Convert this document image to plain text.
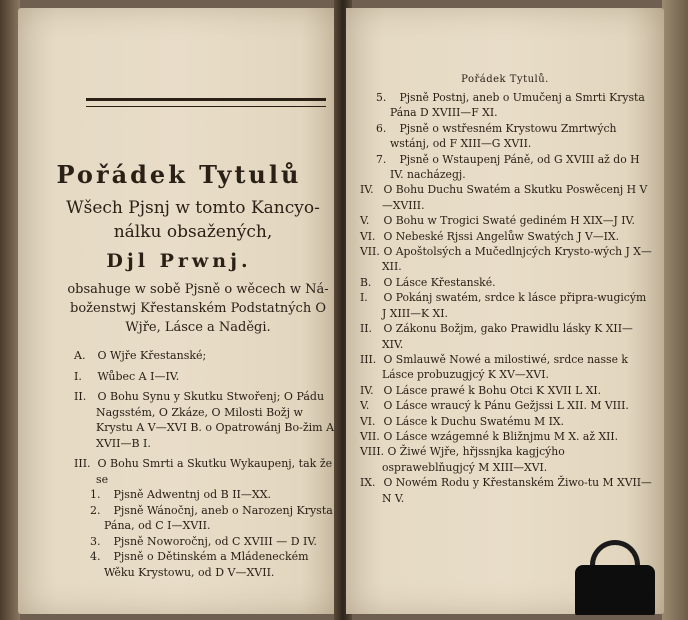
Pořádek Tytulů
Wšech Pjsnj w tomto Kancyo-nálku obsažených,
Djl Prwnj.
obsahuge w sobě Pjsně o wěcech w Ná-boženstwj Křestanském Podstatných O Wjře, Lásce a Naděgi.
A. O Wjře Křestanské;
I. Wůbec A I—IV.
II. O Bohu Synu y Skutku Stwořenj; O Pádu Nagsstém, O Zkáze, O Milosti Božj w Krystu A V—XVI B. o Opatrowánj Bo-žim A XVII—B I.
III. O Bohu Smrti a Skutku Wykaupenj, tak že se
1. Pjsně Adwentnj od B II—XX.
2. Pjsně Wánočnj, aneb o Narozenj Krysta Pána, od C I—XVII.
3. Pjsně Noworočnj, od C XVIII — D IV.
4. Pjsně o Dětinském a Mládeneckém Wěku Krystowu, od D V—XVII.
Pořádek Tytulů.
5. Pjsně Postnj, aneb o Umučenj a Smrti Krysta Pána D XVIII—F XI.
6. Pjsně o wstřesném Krystowu Zmrtwých wstánj, od F XIII—G XVII.
7. Pjsně o Wstaupenj Páně, od G XVIII až do H IV. nacházegj.
IV. O Bohu Duchu Swatém a Skutku Poswěcenj H V—XVIII.
V. O Bohu w Trogici Swaté gediném H XIX—J IV.
VI. O Nebeské Rjssi Angelůw Swatých J V—IX.
VII. O Apoštolsých a Mučedlnjcých Krysto-wých J X—XII.
B. O Lásce Křestanské.
I. O Pokánj swatém, srdce k lásce připra-wugicým J XIII—K XI.
II. O Zákonu Božjm, gako Prawidlu lásky K XII—XIV.
III. O Smlauwě Nowé a milostiwé, srdce nasse k Lásce probuzugjcý K XV—XVI.
IV. O Lásce prawé k Bohu Otci K XVII L XI.
V. O Lásce wraucý k Pánu Gežjssi L XII. M VIII.
VI. O Lásce k Duchu Swatému M IX.
VII. O Lásce wzágemné k Bližnjmu M X. až XII.
VIII. O Žiwé Wjře, hřjssnjka kagjcýho ospraweblňugjcý M XIII—XVI.
IX. O Nowém Rodu y Křestanském Žiwo-tu M XVII—N V.
